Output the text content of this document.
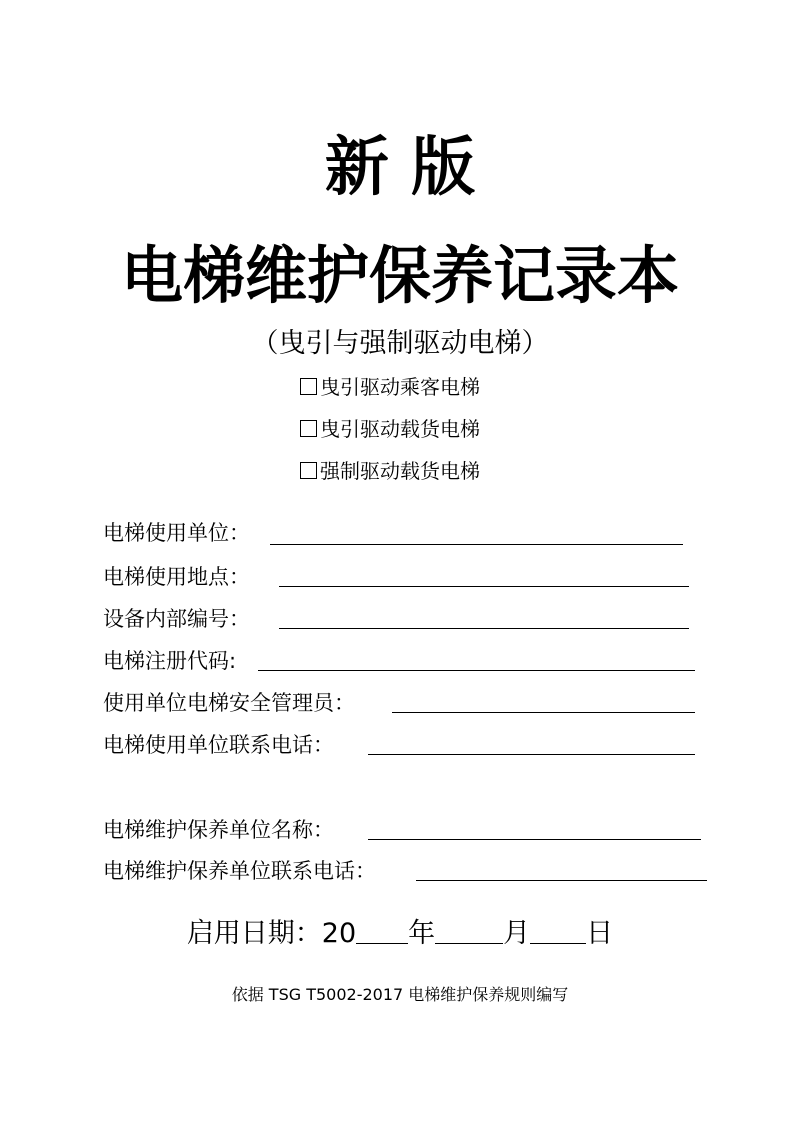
新 版
电梯维护保养记录本
（曳引与强制驱动电梯）
曳引驱动乘客电梯
曳引驱动载货电梯
强制驱动载货电梯
电梯使用单位：
电梯使用地点：
设备内部编号：
电梯注册代码:
使用单位电梯安全管理员：
电梯使用单位联系电话：
电梯维护保养单位名称：
电梯维护保养单位联系电话：
启用日期：20 年	月 日
依据 TSG T5002-2017 电梯维护保养规则编写
